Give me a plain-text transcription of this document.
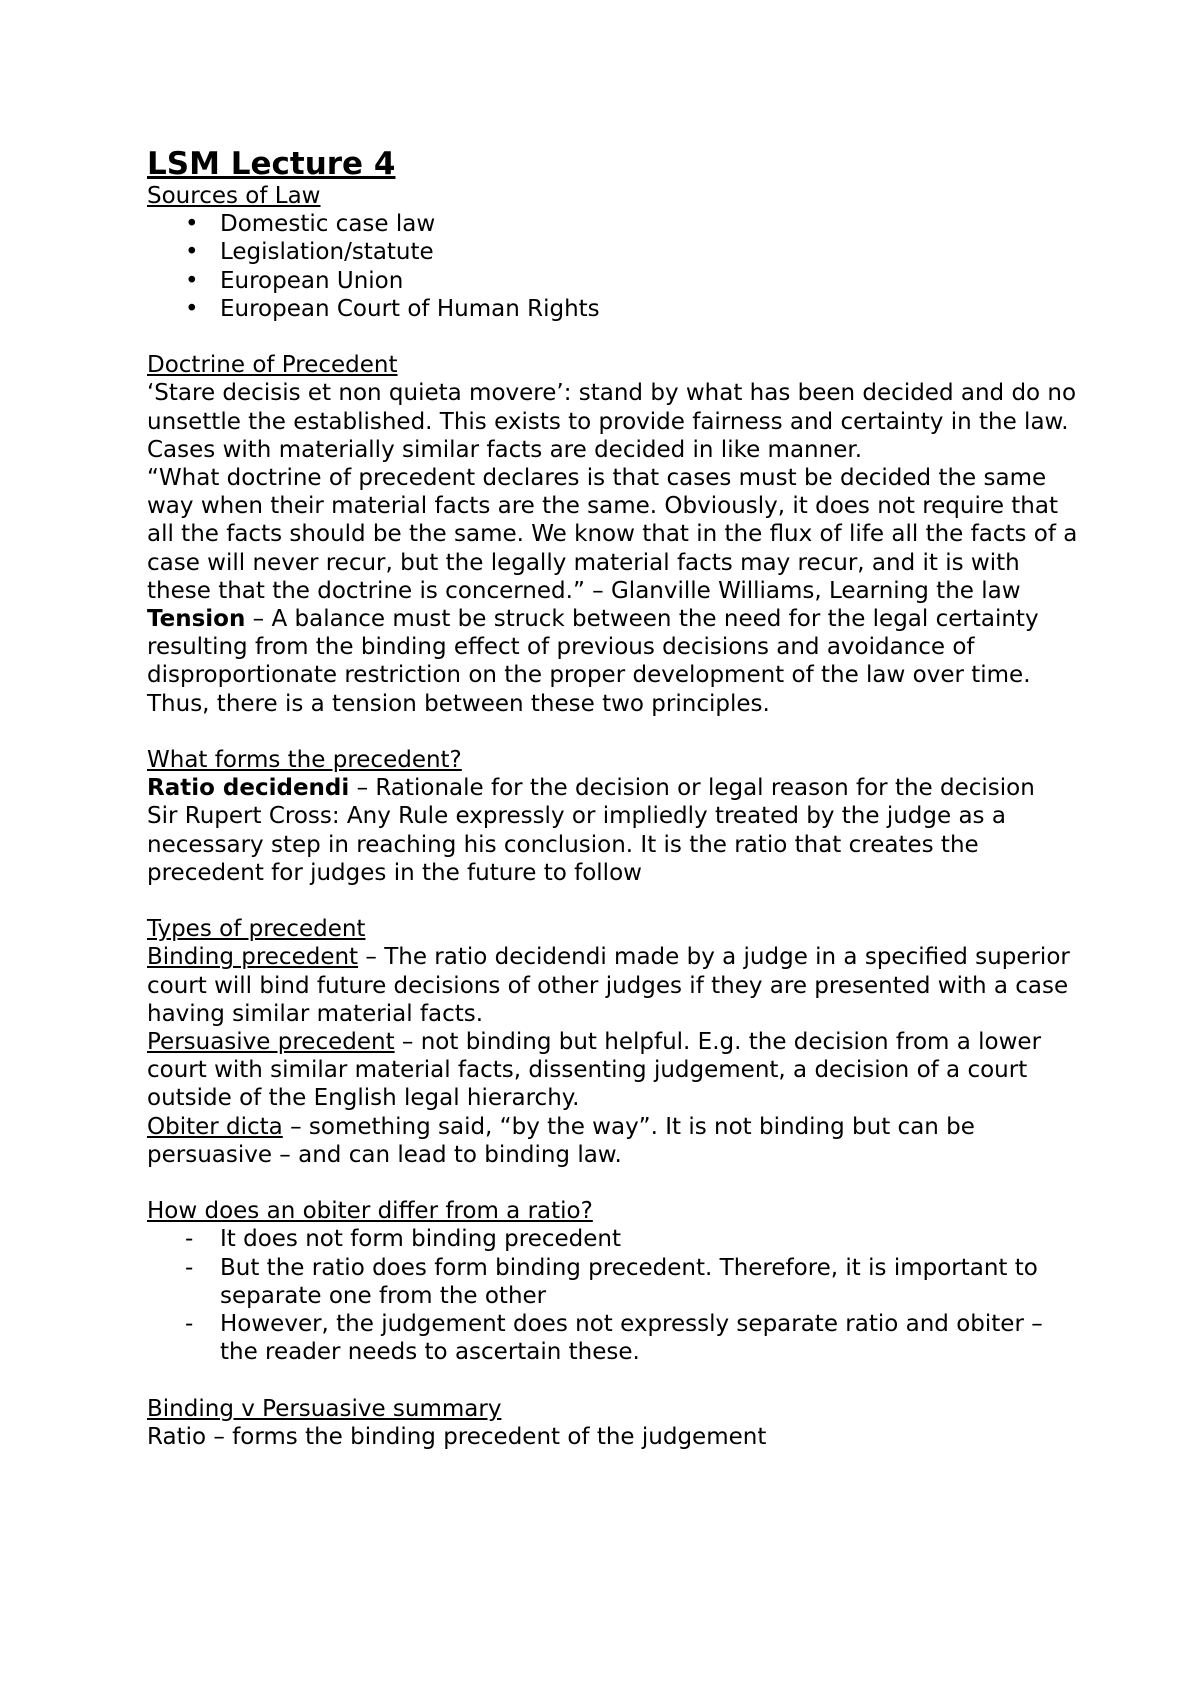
LSM Lecture 4

Sources of Law

• Domestic case law
• Legislation/statute
• European Union
• European Court of Human Rights

Doctrine of Precedent

‘Stare decisis et non quieta movere’: stand by what has been decided and do no unsettle the established. This exists to provide fairness and certainty in the law. Cases with materially similar facts are decided in like manner.

“What doctrine of precedent declares is that cases must be decided the same way when their material facts are the same. Obviously, it does not require that all the facts should be the same. We know that in the flux of life all the facts of a case will never recur, but the legally material facts may recur, and it is with these that the doctrine is concerned.” – Glanville Williams, Learning the law

Tension – A balance must be struck between the need for the legal certainty resulting from the binding effect of previous decisions and avoidance of disproportionate restriction on the proper development of the law over time. Thus, there is a tension between these two principles.

What forms the precedent?

Ratio decidendi – Rationale for the decision or legal reason for the decision

Sir Rupert Cross: Any Rule expressly or impliedly treated by the judge as a necessary step in reaching his conclusion. It is the ratio that creates the precedent for judges in the future to follow

Types of precedent

Binding precedent – The ratio decidendi made by a judge in a specified superior court will bind future decisions of other judges if they are presented with a case having similar material facts.

Persuasive precedent – not binding but helpful. E.g. the decision from a lower court with similar material facts, dissenting judgement, a decision of a court outside of the English legal hierarchy.

Obiter dicta – something said, “by the way”. It is not binding but can be persuasive – and can lead to binding law.

How does an obiter differ from a ratio?

- It does not form binding precedent
- But the ratio does form binding precedent. Therefore, it is important to separate one from the other
- However, the judgement does not expressly separate ratio and obiter – the reader needs to ascertain these.

Binding v Persuasive summary

Ratio – forms the binding precedent of the judgement
